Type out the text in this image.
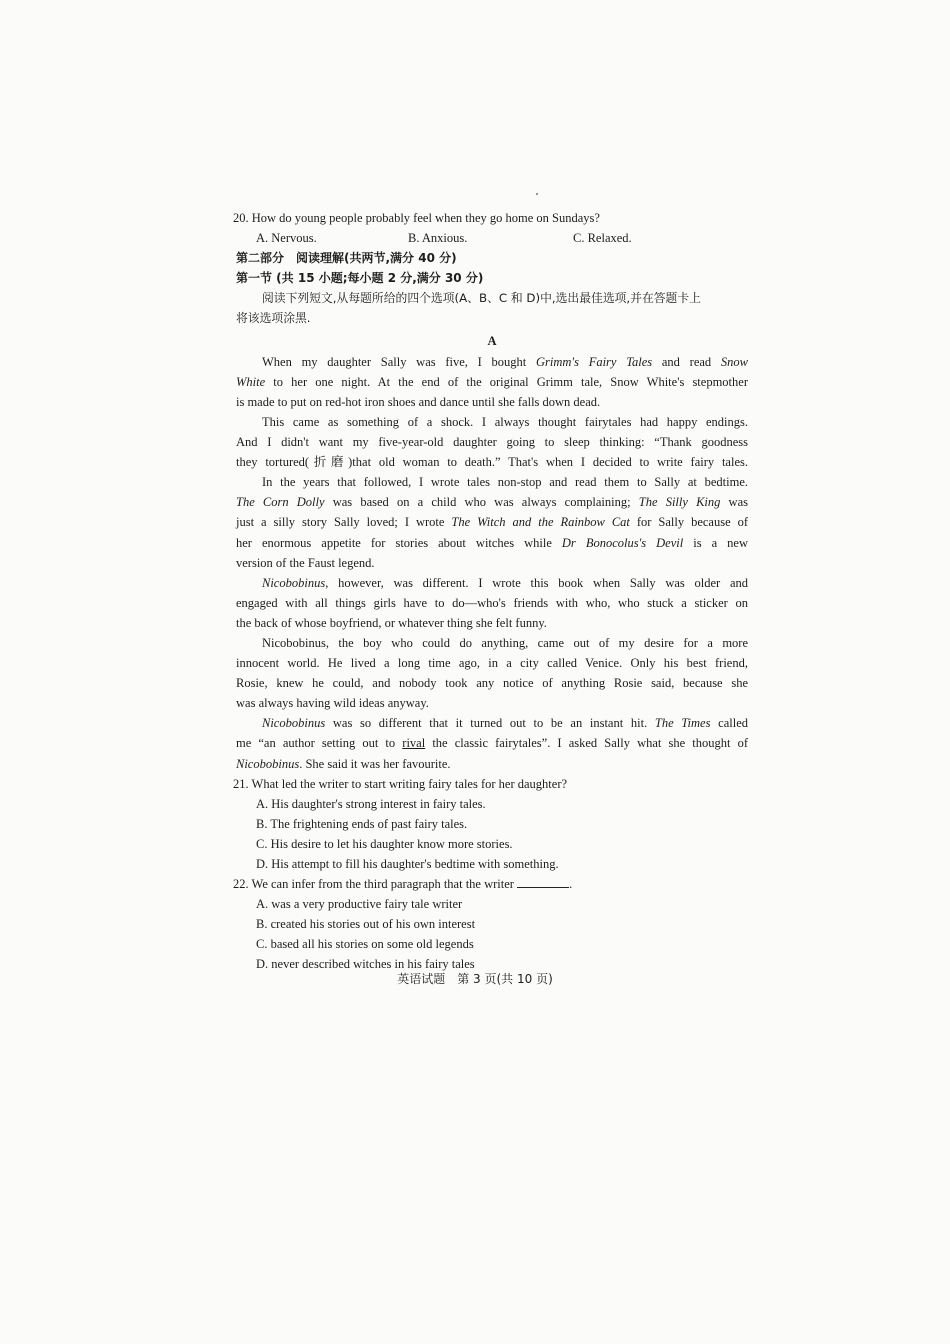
20. How do young people probably feel when they go home on Sundays?
A. Nervous.	B. Anxious.	C. Relaxed.
第二部分　阅读理解(共两节,满分 40 分)
第一节 (共 15 小题;每小题 2 分,满分 30 分)
阅读下列短文,从每题所给的四个选项(A、B、C 和 D)中,选出最佳选项,并在答题卡上
将该选项涂黑.
A
When my daughter Sally was five, I bought Grimm's Fairy Tales and read Snow
White to her one night. At the end of the original Grimm tale, Snow White's stepmother
is made to put on red-hot iron shoes and dance until she falls down dead.
This came as something of a shock. I always thought fairytales had happy endings.
And I didn't want my five-year-old daughter going to sleep thinking: “Thank goodness
they tortured(折磨)that old woman to death.” That's when I decided to write fairy tales.
In the years that followed, I wrote tales non-stop and read them to Sally at bedtime.
The Corn Dolly was based on a child who was always complaining; The Silly King was
just a silly story Sally loved; I wrote The Witch and the Rainbow Cat for Sally because of
her enormous appetite for stories about witches while Dr Bonocolus's Devil is a new
version of the Faust legend.
Nicobobinus, however, was different. I wrote this book when Sally was older and
engaged with all things girls have to do—who's friends with who, who stuck a sticker on
the back of whose boyfriend, or whatever thing she felt funny.
Nicobobinus, the boy who could do anything, came out of my desire for a more
innocent world. He lived a long time ago, in a city called Venice. Only his best friend,
Rosie, knew he could, and nobody took any notice of anything Rosie said, because she
was always having wild ideas anyway.
Nicobobinus was so different that it turned out to be an instant hit. The Times called
me “an author setting out to rival the classic fairytales”. I asked Sally what she thought of
Nicobobinus. She said it was her favourite.
21. What led the writer to start writing fairy tales for her daughter?
A. His daughter's strong interest in fairy tales.
B. The frightening ends of past fairy tales.
C. His desire to let his daughter know more stories.
D. His attempt to fill his daughter's bedtime with something.
22. We can infer from the third paragraph that the writer	.
A. was a very productive fairy tale writer
B. created his stories out of his own interest
C. based all his stories on some old legends
D. never described witches in his fairy tales
英语试题　第 3 页(共 10 页)
